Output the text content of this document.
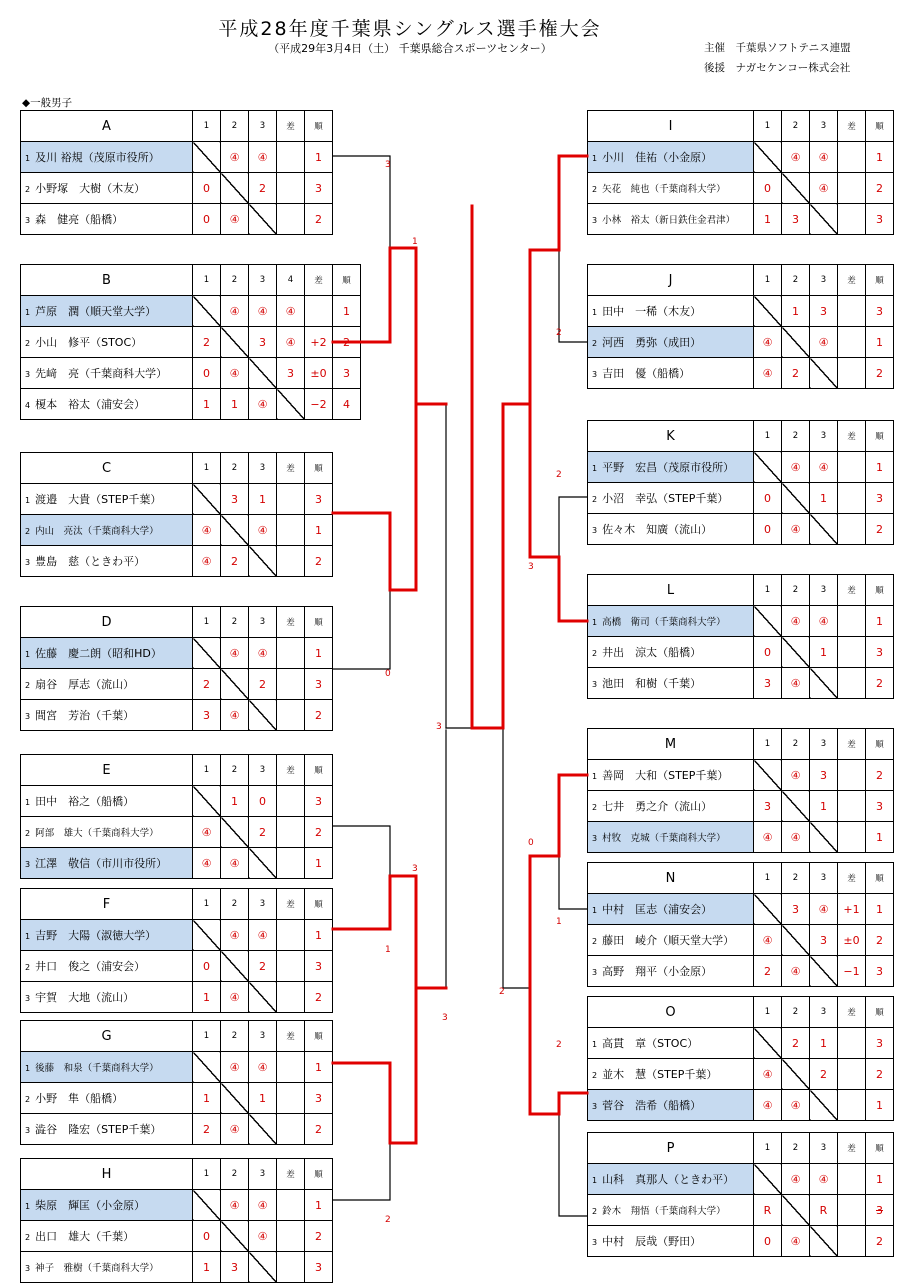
平成28年度千葉県シングルス選手権大会
（平成29年3月4日（土） 千葉県総合スポーツセンター）	主催　千葉県ソフトテニス連盟
後援　ナガセケンコー株式会社
◆一般男子
A	1	2	3	差	順
1 及川 裕規（茂原市役所）		④	④		1
2 小野塚　大樹（木友）	0		2		3
3 森　健亮（船橋）	0	④			2
B	1	2	3	4	差	順
1 芦原　潤（順天堂大学）		④	④	④		1
2 小山　修平（STOC）	2		3	④	+2	2
3 先﨑　亮（千葉商科大学）	0	④		3	±0	3
4 榎本　裕太（浦安会）	1	1	④		−2	4
C	1	2	3	差	順
1 渡邉　大貴（STEP千葉）		3	1		3
2 内山　亮汰（千葉商科大学）	④		④		1
3 豊島　慈（ときわ平）	④	2			2
D	1	2	3	差	順
1 佐藤　慶二朗（昭和HD）		④	④		1
2 扇谷　厚志（流山）	2		2		3
3 間宮　芳治（千葉）	3	④			2
E	1	2	3	差	順
1 田中　裕之（船橋）		1	0		3
2 阿部　雄大（千葉商科大学）	④		2		2
3 江澤　敬信（市川市役所）	④	④			1
F	1	2	3	差	順
1 吉野　大陽（淑徳大学）		④	④		1
2 井口　俊之（浦安会）	0		2		3
3 宇賀　大地（流山）	1	④			2
G	1	2	3	差	順
1 後藤　和泉（千葉商科大学）		④	④		1
2 小野　隼（船橋）	1		1		3
3 澁谷　隆宏（STEP千葉）	2	④			2
H	1	2	3	差	順
1 柴原　輝匡（小金原）		④	④		1
2 出口　雄大（千葉）	0		④		2
3 神子　雅樹（千葉商科大学）	1	3			3
I	1	2	3	差	順
1 小川　佳祐（小金原）		④	④		1
2 矢花　純也（千葉商科大学）	0		④		2
3 小林　裕太（新日鉄住金君津）	1	3			3
J	1	2	3	差	順
1 田中　一稀（木友）		1	3		3
2 河西　勇弥（成田）	④		④		1
3 吉田　優（船橋）	④	2			2
K	1	2	3	差	順
1 平野　宏昌（茂原市役所）		④	④		1
2 小沼　幸弘（STEP千葉）	0		1		3
3 佐々木　知廣（流山）	0	④			2
L	1	2	3	差	順
1 高橋　衛司（千葉商科大学）		④	④		1
2 井出　涼太（船橋）	0		1		3
3 池田　和樹（千葉）	3	④			2
M	1	2	3	差	順
1 善岡　大和（STEP千葉）		④	3		2
2 七井　勇之介（流山）	3		1		3
3 村牧　克城（千葉商科大学）	④	④			1
N	1	2	3	差	順
1 中村　匡志（浦安会）		3	④	+1	1
2 藤田　崚介（順天堂大学）	④		3	±0	2
3 高野　翔平（小金原）	2	④		−1	3
O	1	2	3	差	順
1 高貫　章（STOC）		2	1		3
2 並木　慧（STEP千葉）	④		2		2
3 菅谷　浩希（船橋）	④	④			1
P	1	2	3	差	順
1 山科　真那人（ときわ平）		④	④		1
2 鈴木　翔悟（千葉商科大学）	R		R		3
3 中村　辰哉（野田）	0	④			2
3
1
0
3
3
1
3
2
2
2
3
0
1
2
2
